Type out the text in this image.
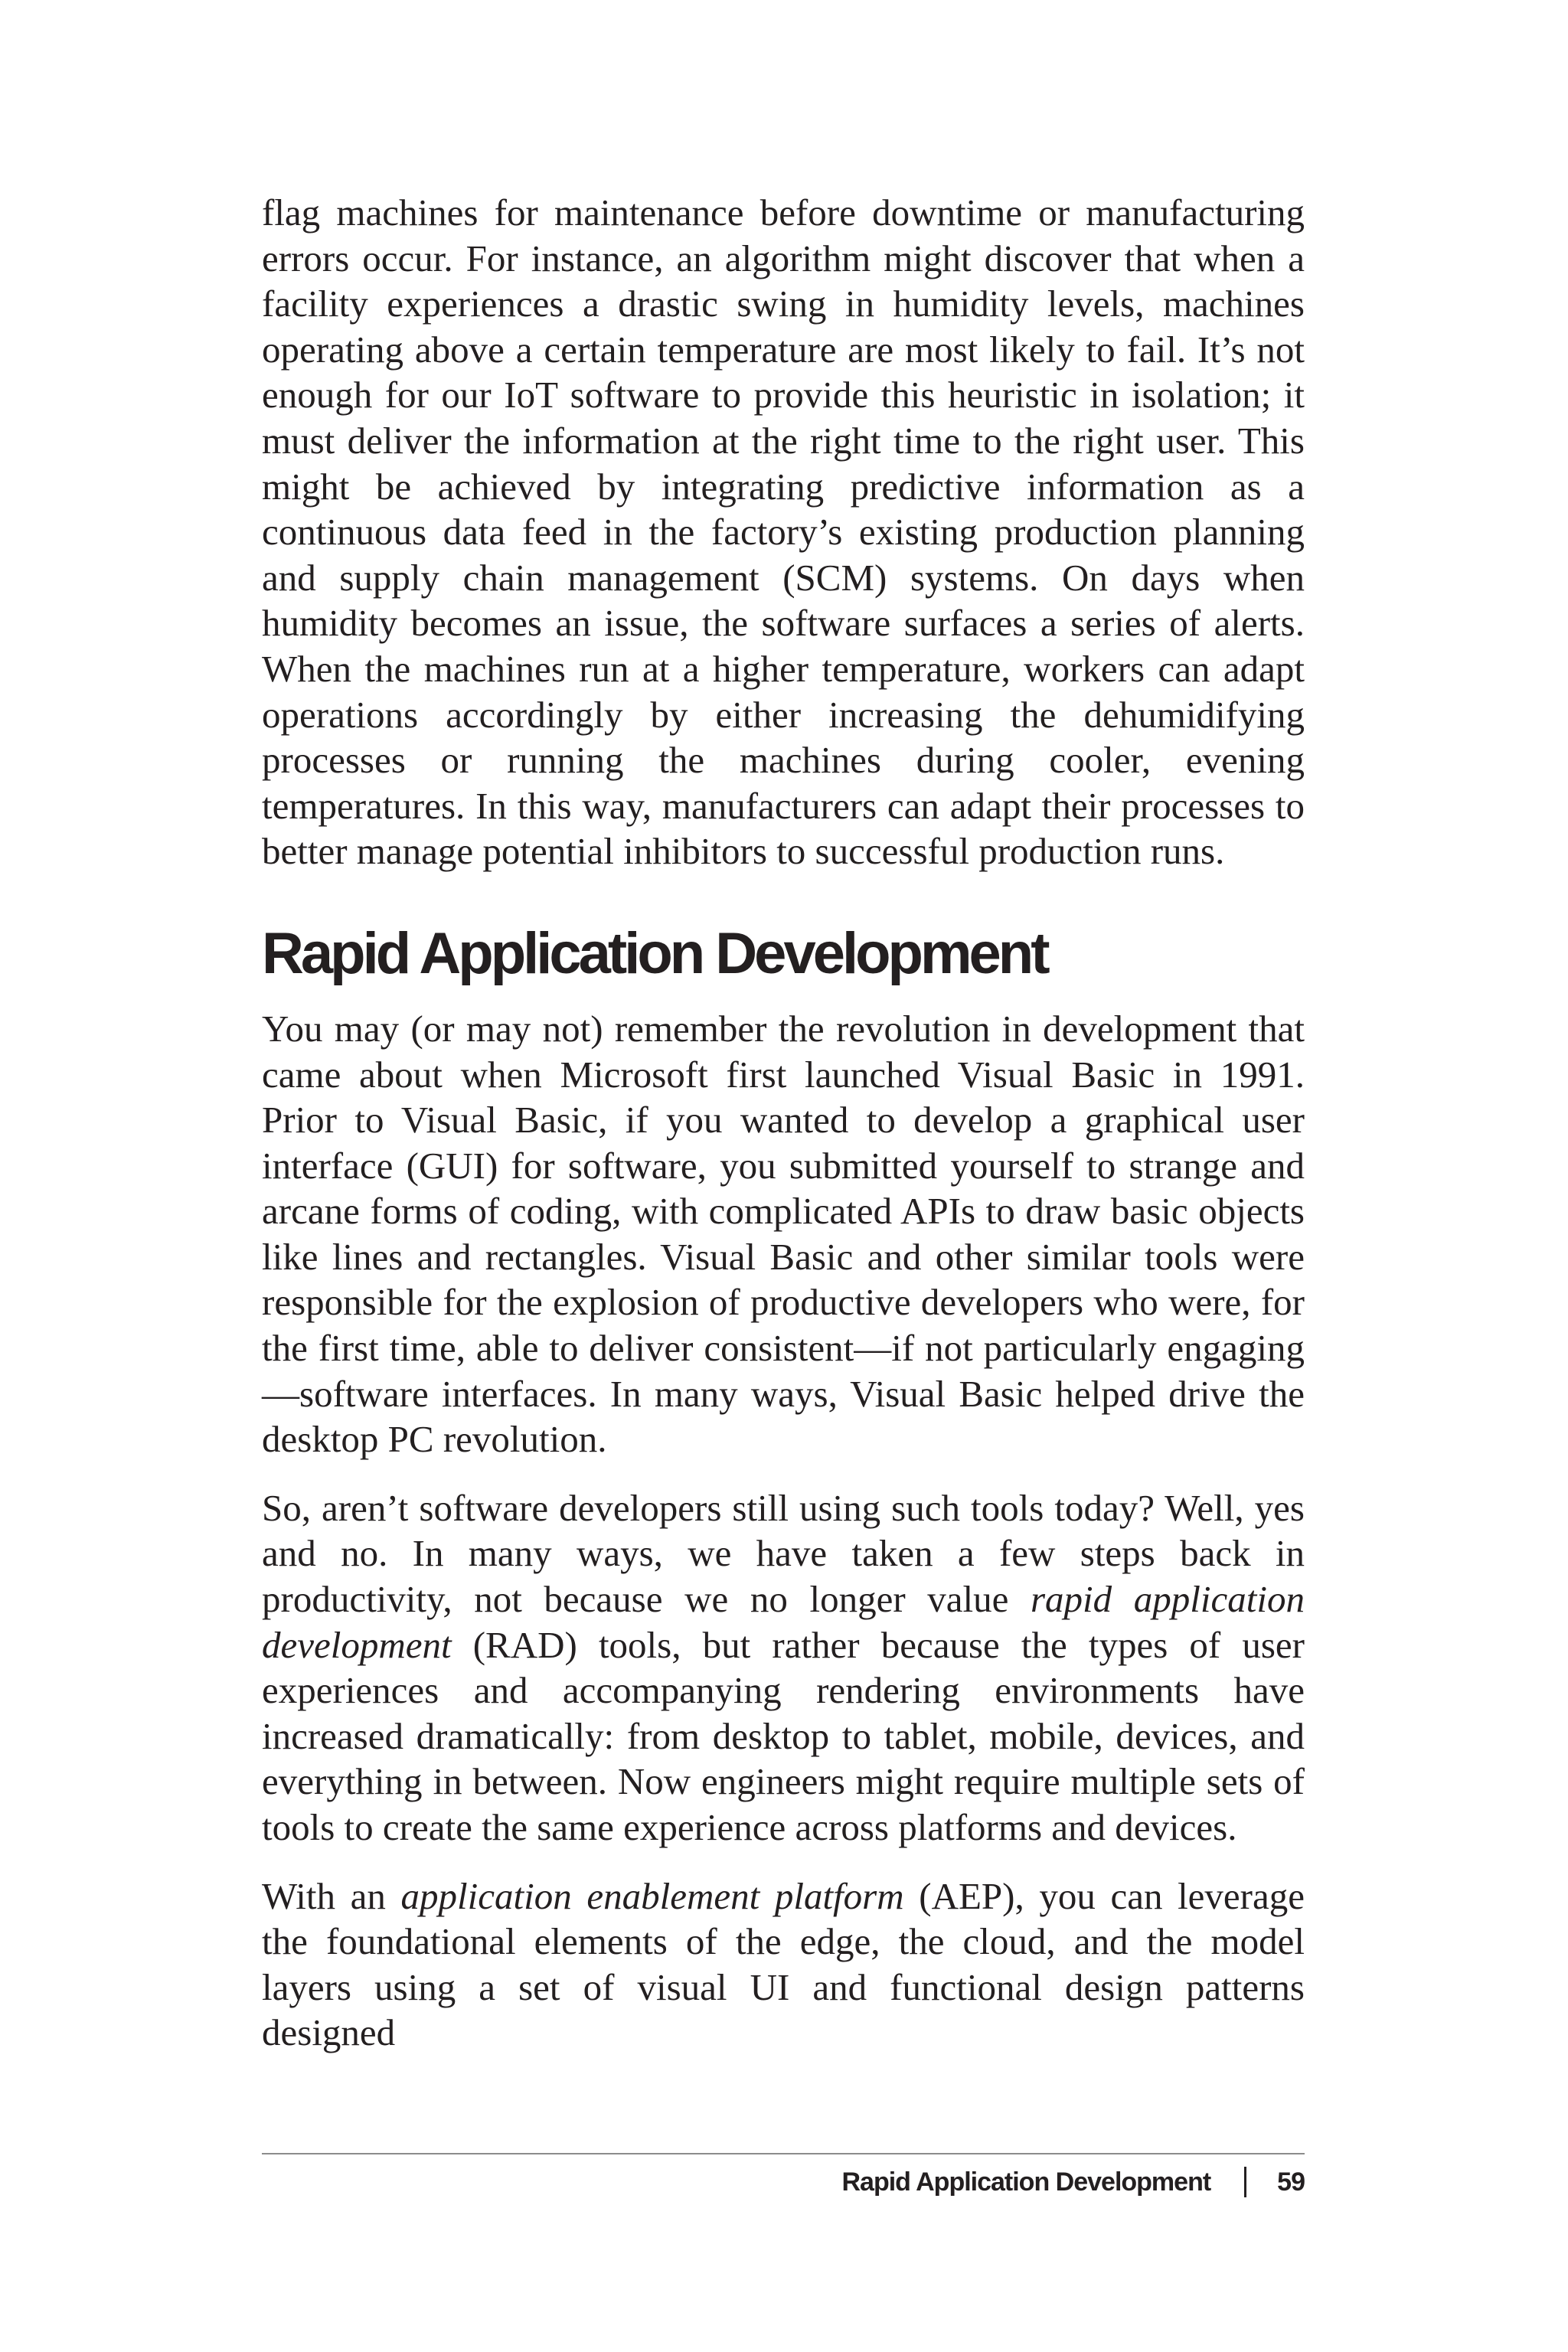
flag machines for maintenance before downtime or manufacturing errors occur. For instance, an algorithm might discover that when a facility experiences a drastic swing in humidity levels, machines operating above a certain temperature are most likely to fail. It’s not enough for our IoT software to provide this heuristic in isolation; it must deliver the information at the right time to the right user. This might be achieved by integrating predictive information as a continuous data feed in the factory’s existing production planning and supply chain management (SCM) systems. On days when humidity becomes an issue, the software surfaces a series of alerts. When the machines run at a higher temperature, workers can adapt operations accordingly by either increasing the dehumidifying processes or running the machines during cooler, evening temperatures. In this way, manufacturers can adapt their processes to better manage potential inhibitors to successful production runs.

Rapid Application Development

You may (or may not) remember the revolution in development that came about when Microsoft first launched Visual Basic in 1991. Prior to Visual Basic, if you wanted to develop a graphical user interface (GUI) for software, you submitted yourself to strange and arcane forms of coding, with complicated APIs to draw basic objects like lines and rectangles. Visual Basic and other similar tools were responsible for the explosion of productive developers who were, for the first time, able to deliver consistent—if not particularly engaging —software interfaces. In many ways, Visual Basic helped drive the desktop PC revolution.

So, aren’t software developers still using such tools today? Well, yes and no. In many ways, we have taken a few steps back in productivity, not because we no longer value rapid application development (RAD) tools, but rather because the types of user experiences and accompanying rendering environments have increased dramatically: from desktop to tablet, mobile, devices, and everything in between. Now engineers might require multiple sets of tools to create the same experience across platforms and devices.

With an application enablement platform (AEP), you can leverage the foundational elements of the edge, the cloud, and the model layers using a set of visual UI and functional design patterns designed

Rapid Application Development	59
